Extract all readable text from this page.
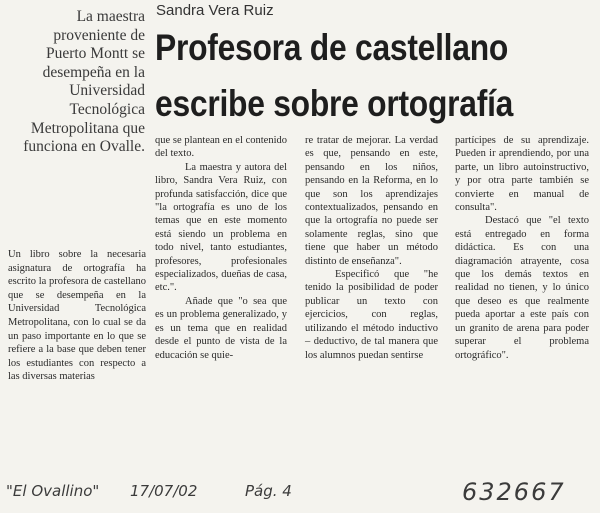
La maestra proveniente de Puerto Montt se desempeña en la Universidad Tecnológica Metropolitana que funciona en Ovalle.
Un libro sobre la necesaria asignatura de ortografía ha escrito la profesora de castellano que se desempeña en la Universidad Tecnológica Metropolitana, con lo cual se da un paso importante en lo que se refiere a la base que deben tener los estudiantes con respecto a las diversas materias
Sandra Vera Ruiz
Profesora de castellano escribe sobre ortografía

que se plantean en el contenido del texto.

La maestra y autora del libro, Sandra Vera Ruiz, con profunda satisfacción, dice que "la ortografía es uno de los temas que en este momento está siendo un problema en todo nivel, tanto estudiantes, profesores, profesionales especializados, dueñas de casa, etc.".

Añade que "o sea que es un problema generalizado, y es un tema que en realidad desde el punto de vista de la educación se quie-

re tratar de mejorar. La verdad es que, pensando en este, pensando en los niños, pensando en la Reforma, en lo que son los aprendizajes contextualizados, pensando en que la ortografía no puede ser solamente reglas, sino que tiene que haber un método distinto de enseñanza".

Especificó que "he tenido la posibilidad de poder publicar un texto con ejercicios, con reglas, utilizando el método inductivo – deductivo, de tal manera que los alumnos puedan sentirse

partícipes de su aprendizaje. Pueden ir aprendiendo, por una parte, un libro autoinstructivo, y por otra parte también se convierte en manual de consulta".

Destacó que "el texto está entregado en forma didáctica. Es con una diagramación atrayente, cosa que los demás textos en realidad no tienen, y lo único que deseo es que realmente pueda aportar a este país con un granito de arena para poder superar el problema ortográfico".

"El Ovallino" 17/07/02	Pág. 4	632667
